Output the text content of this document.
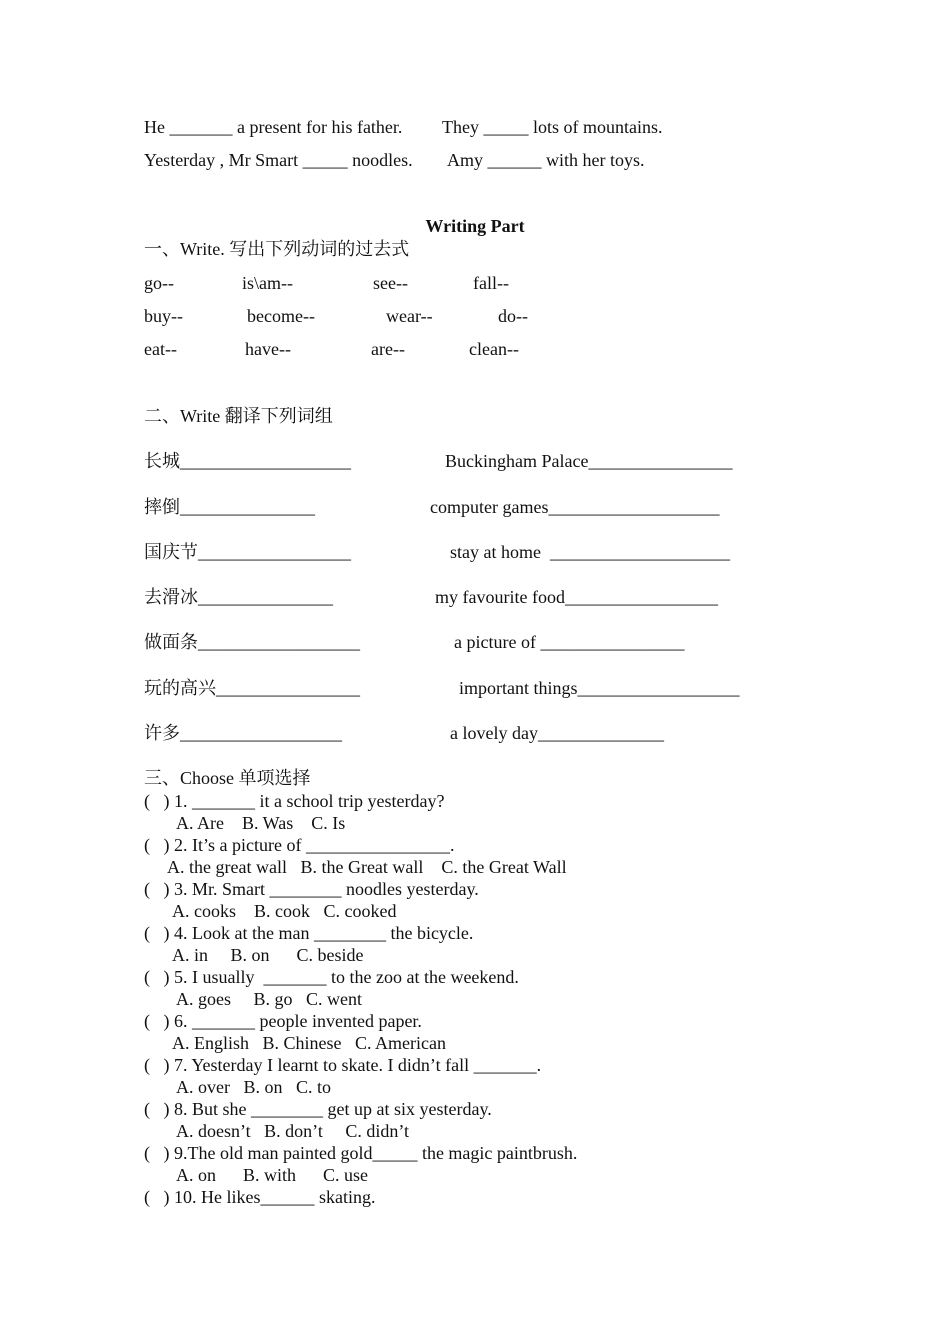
He _______ a present for his father. They _____ lots of mountains.
Yesterday , Mr Smart _____ noodles. Amy ______ with her toys.
Writing Part
一、Write. 写出下列动词的过去式
go--	is\am--	see--	fall--
buy--	become--	wear--	do--
eat--	have--	are--	clean--
二、Write 翻译下列词组
长城___________________	Buckingham Palace________________
摔倒_______________	computer games___________________
国庆节_________________	stay at home  ____________________
去滑冰_______________	my favourite food_________________
做面条__________________	a picture of ________________
玩的高兴________________	important things__________________
许多__________________	a lovely day______________
三、Choose 单项选择
(   ) 1. _______ it a school trip yesterday?
A. Are    B. Was    C. Is
(   ) 2. It’s a picture of ________________.
A. the great wall   B. the Great wall    C. the Great Wall
(   ) 3. Mr. Smart ________ noodles yesterday.
A. cooks    B. cook   C. cooked
(   ) 4. Look at the man ________ the bicycle.
A. in     B. on      C. beside
(   ) 5. I usually  _______ to the zoo at the weekend.
A. goes     B. go   C. went
(   ) 6. _______ people invented paper.
A. English   B. Chinese   C. American
(   ) 7. Yesterday I learnt to skate. I didn’t fall _______.
A. over   B. on   C. to
(   ) 8. But she ________ get up at six yesterday.
A. doesn’t   B. don’t     C. didn’t
(   ) 9.The old man painted gold_____ the magic paintbrush.
A. on      B. with      C. use
(   ) 10. He likes______ skating.
